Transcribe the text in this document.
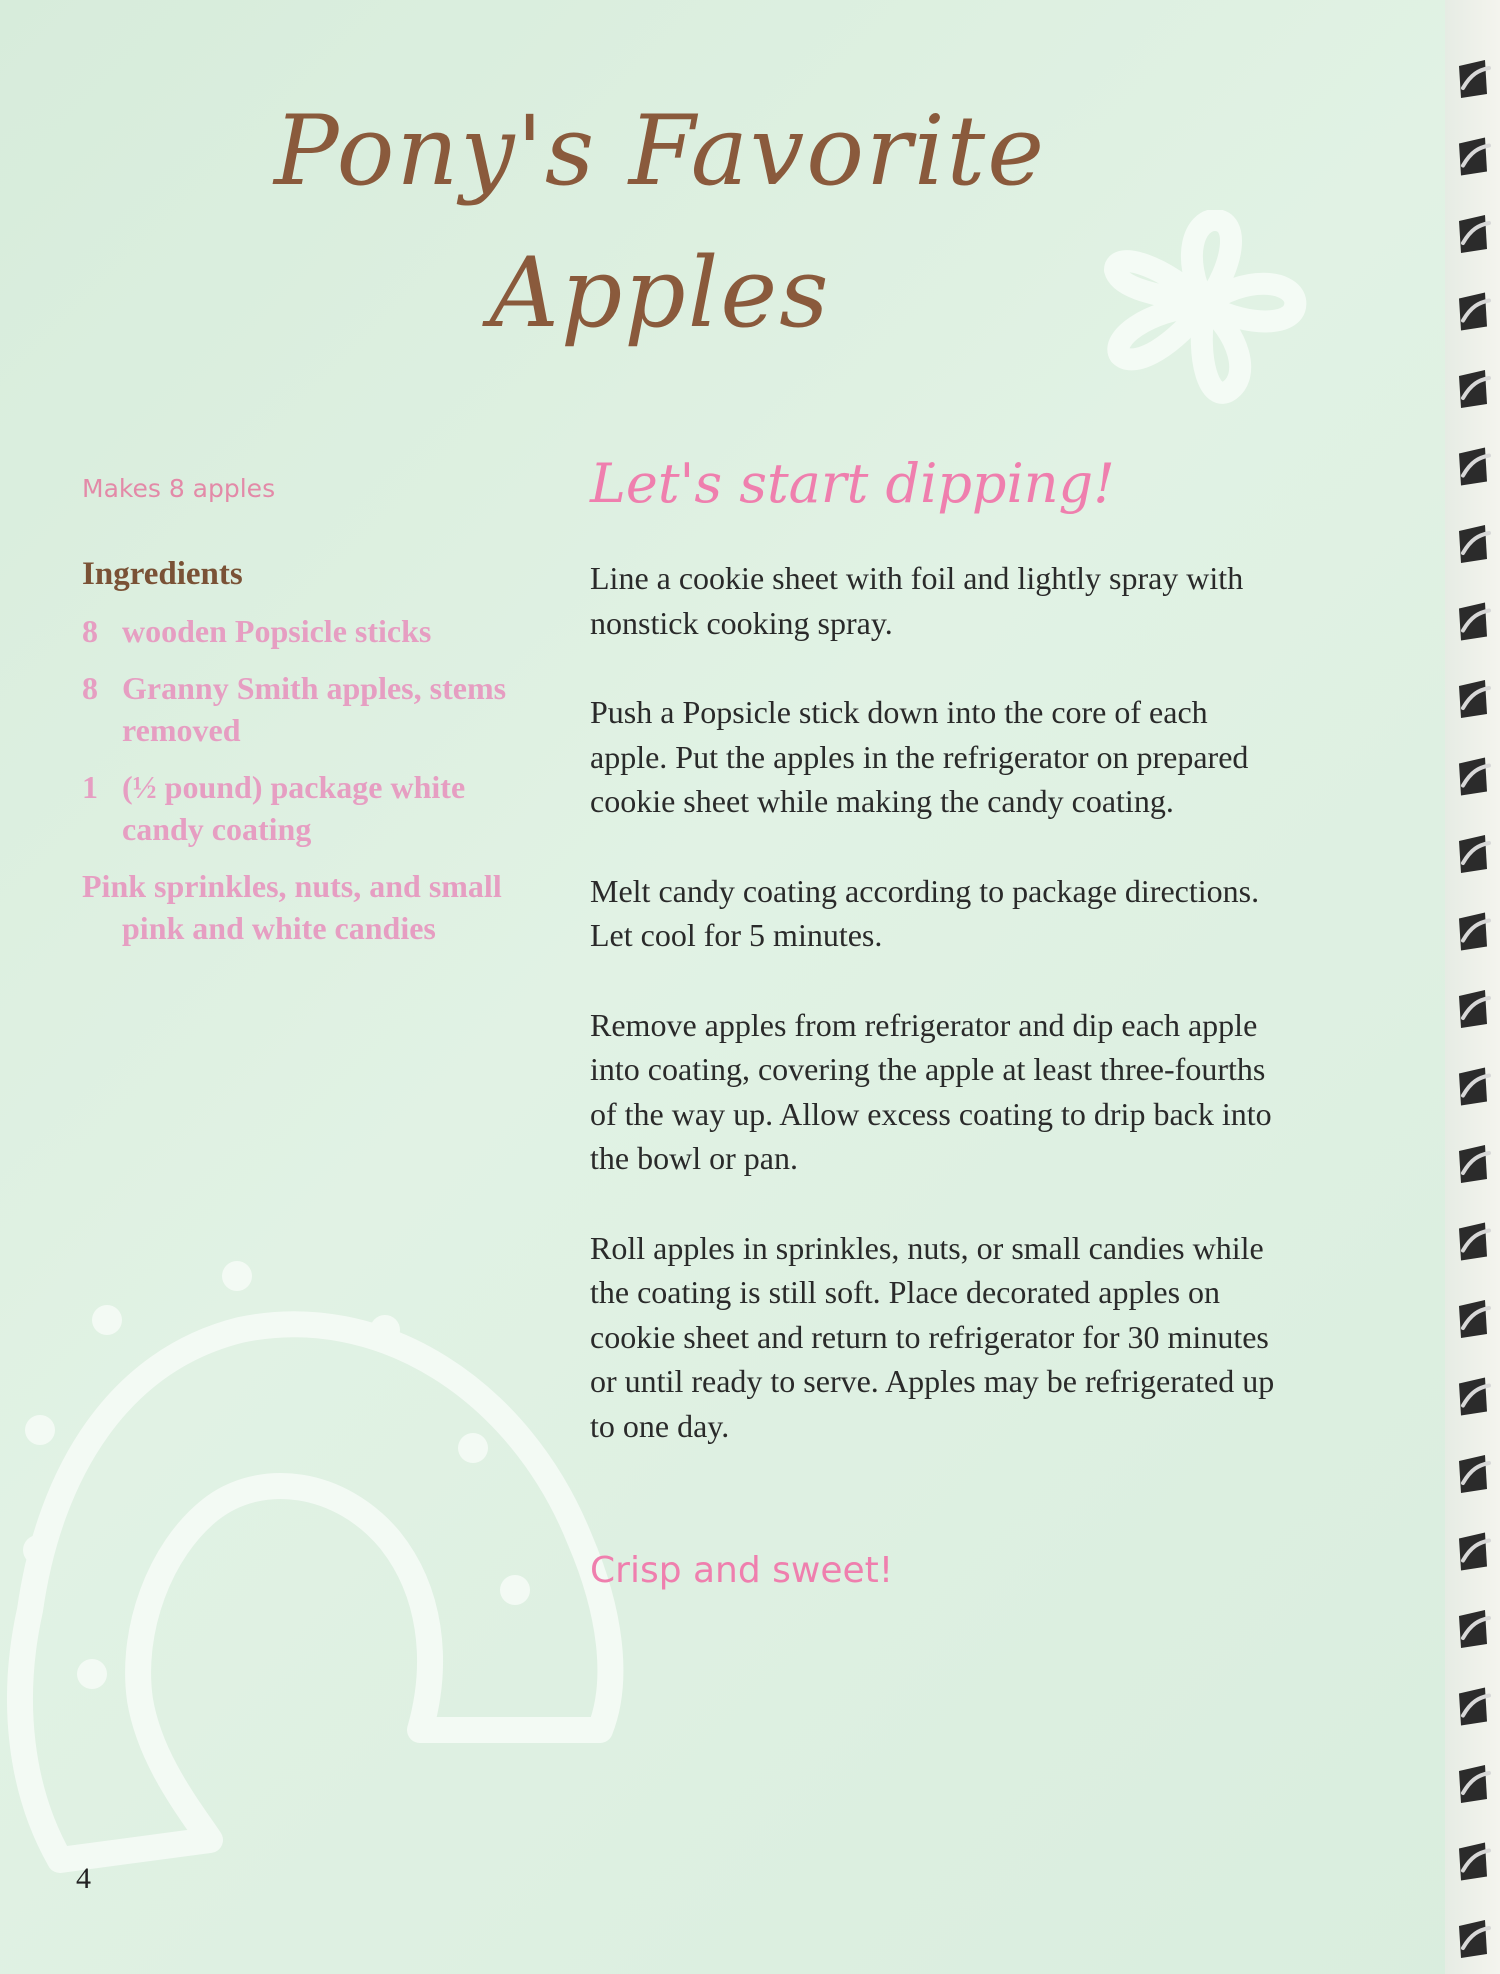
Pony's Favorite
Apples
Makes 8 apples
Ingredients
8 wooden Popsicle sticks
8 Granny Smith apples, stems removed
1 (½ pound) package white candy coating
Pink sprinkles, nuts, and small pink and white candies
Let's start dipping!

Line a cookie sheet with foil and lightly spray with nonstick cooking spray.

Push a Popsicle stick down into the core of each apple. Put the apples in the refrigerator on prepared cookie sheet while making the candy coating.

Melt candy coating according to package directions. Let cool for 5 minutes.

Remove apples from refrigerator and dip each apple into coating, covering the apple at least three-fourths of the way up. Allow excess coating to drip back into the bowl or pan.

Roll apples in sprinkles, nuts, or small candies while the coating is still soft. Place decorated apples on cookie sheet and return to refrigerator for 30 minutes or until ready to serve. Apples may be refrigerated up to one day.

Crisp and sweet!
4
